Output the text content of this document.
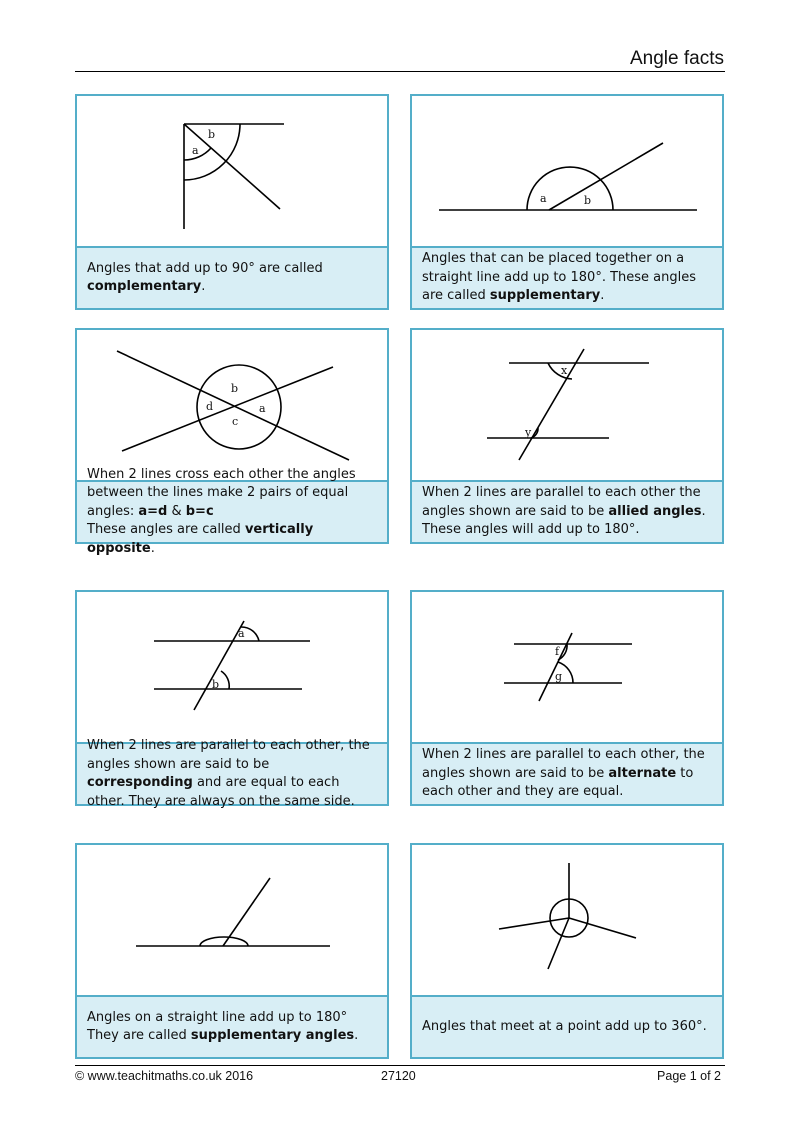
Angle facts
a
b
Angles that add up to 90° are called complementary.
a	b
Angles that can be placed together on a straight line add up to 180°. These angles are called supplementary.
b
d	a
c
When 2 lines cross each other the angles between the lines make 2 pairs of equal angles: a=d & b=c
These angles are called vertically opposite.
x
y
When 2 lines are parallel to each other the angles shown are said to be allied angles. These angles will add up to 180°.
a
b
When 2 lines are parallel to each other, the angles shown are said to be corresponding and are equal to each other. They are always on the same side.
f
g
When 2 lines are parallel to each other, the angles shown are said to be alternate to each other and they are equal.
Angles on a straight line add up to 180° They are called supplementary angles.
Angles that meet at a point add up to 360°.
© www.teachitmaths.co.uk 2016	27120	Page 1 of 2
